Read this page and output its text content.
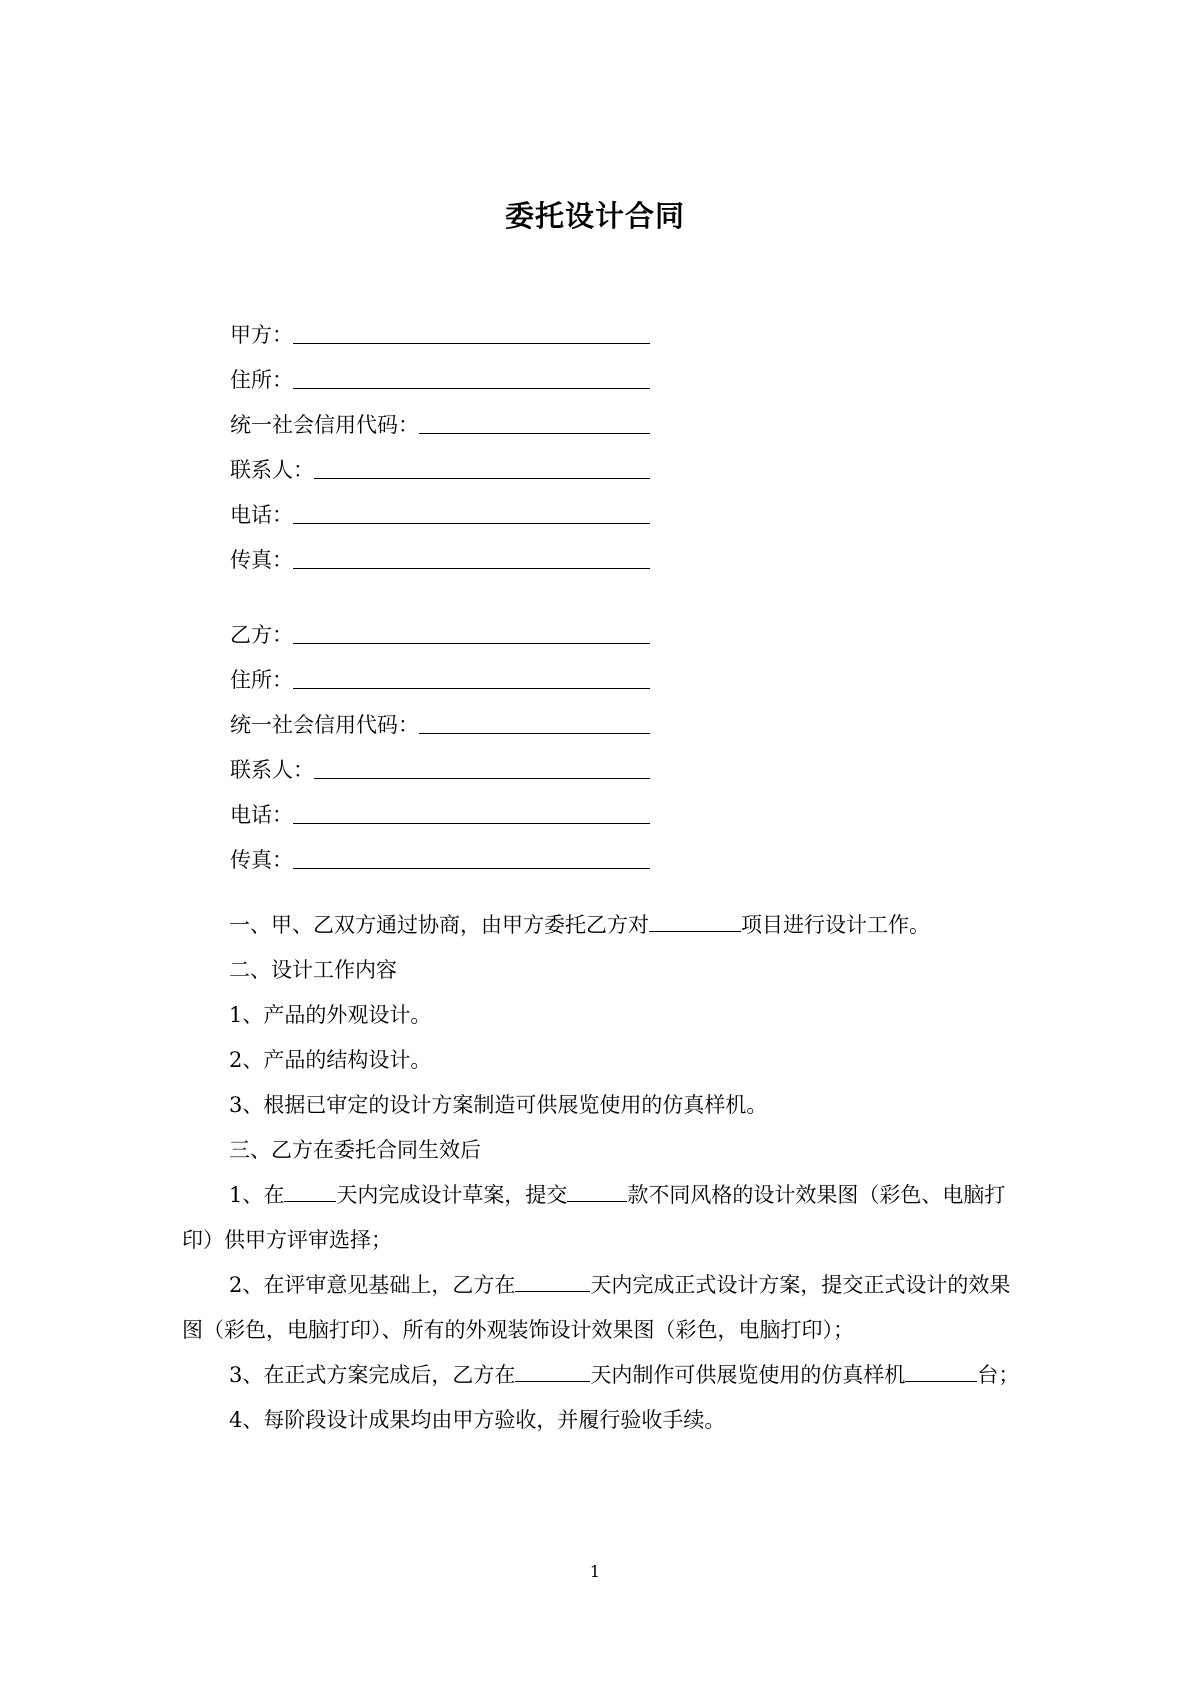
委托设计合同
甲方：
住所：
统一社会信用代码：
联系人：
电话：
传真：
乙方：
住所：
统一社会信用代码：
联系人：
电话：
传真：
一、甲、乙双方通过协商，由甲方委托乙方对	项目进行设计工作。
二、设计工作内容
1、产品的外观设计。
2、产品的结构设计。
3、根据已审定的设计方案制造可供展览使用的仿真样机。
三、乙方在委托合同生效后
1、在 天内完成设计草案，提交	款不同风格的设计效果图（彩色、电脑打印）供甲方评审选择；
2、在评审意见基础上，乙方在	天内完成正式设计方案，提交正式设计的效果图（彩色，电脑打印）、所有的外观装饰设计效果图（彩色，电脑打印）；
3、在正式方案完成后，乙方在	天内制作可供展览使用的仿真样机	台；
4、每阶段设计成果均由甲方验收，并履行验收手续。
1
